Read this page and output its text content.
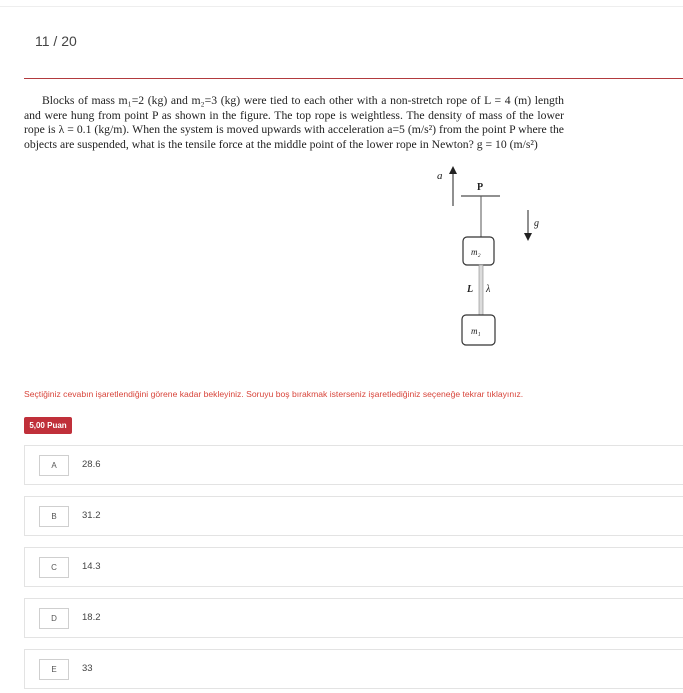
11 / 20

Blocks of mass m₁=2 (kg) and m₂=3 (kg) were tied to each other with a non-stretch rope of L = 4 (m) length and were hung from point P as shown in the figure. The top rope is weightless. The density of mass of the lower rope is λ = 0.1 (kg/m). When the system is moved upwards with acceleration a=5 (m/s²) from the point P where the objects are suspended, what is the tensile force at the middle point of the lower rope in Newton? g = 10 (m/s²)

a⃗
P
m₂
L λ
m₁
g⃗
Seçtiğiniz cevabın işaretlendiğini görene kadar bekleyiniz. Soruyu boş bırakmak isterseniz işaretlediğiniz seçeneğe tekrar tıklayınız.
5,00 Puan
A	28.6
B	31.2
C	14.3
D	18.2
E	33
